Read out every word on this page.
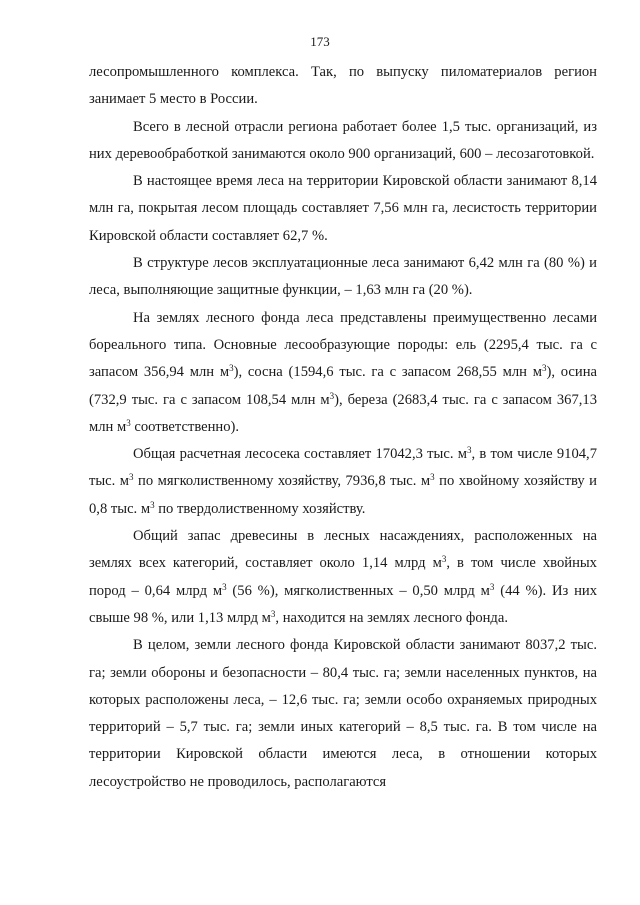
173

лесопромышленного комплекса. Так, по выпуску пиломатериалов регион занимает 5 место в России.

Всего в лесной отрасли региона работает более 1,5 тыс. организаций, из них деревообработкой занимаются около 900 организаций, 600 – лесозаготовкой.

В настоящее время леса на территории Кировской области занимают 8,14 млн га, покрытая лесом площадь составляет 7,56 млн га, лесистость территории Кировской области составляет 62,7 %.

В структуре лесов эксплуатационные леса занимают 6,42 млн га (80 %) и леса, выполняющие защитные функции, – 1,63 млн га (20 %).

На землях лесного фонда леса представлены преимущественно лесами бореального типа. Основные лесообразующие породы: ель (2295,4 тыс. га с запасом 356,94 млн $м^3$), сосна (1594,6 тыс. га с запасом 268,55 млн $м^3$), осина (732,9 тыс. га с запасом 108,54 млн $м^3$), береза (2683,4 тыс. га с запасом 367,13 млн $м^3$ соответственно).

Общая расчетная лесосека составляет 17042,3 тыс. $м^3$, в том числе 9104,7 тыс. $м^3$ по мягколиственному хозяйству, 7936,8 тыс. $м^3$ по хвойному хозяйству и 0,8 тыс. $м^3$ по твердолиственному хозяйству.

Общий запас древесины в лесных насаждениях, расположенных на землях всех категорий, составляет около 1,14 млрд $м^3$, в том числе хвойных пород – 0,64 млрд $м^3$ (56 %), мягколиственных – 0,50 млрд $м^3$ (44 %). Из них свыше 98 %, или 1,13 млрд $м^3$, находится на землях лесного фонда.

В целом, земли лесного фонда Кировской области занимают 8037,2 тыс. га; земли обороны и безопасности – 80,4 тыс. га; земли населенных пунктов, на которых расположены леса, – 12,6 тыс. га; земли особо охраняемых природных территорий – 5,7 тыс. га; земли иных категорий – 8,5 тыс. га. В том числе на территории Кировской области имеются леса, в отношении которых лесоустройство не проводилось, располагаются
